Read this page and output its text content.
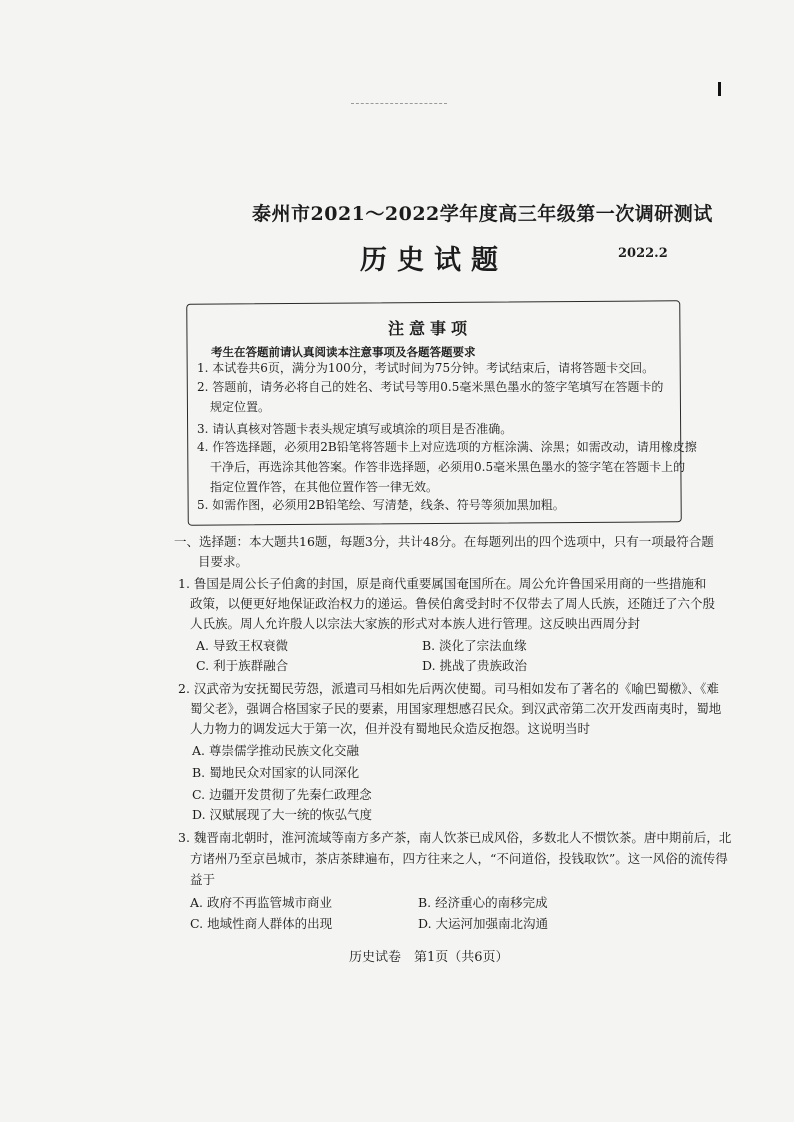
泰州市2021～2022学年度高三年级第一次调研测试
历史试题	2022.2
注意事项
考生在答题前请认真阅读本注意事项及各题答题要求
1. 本试卷共6页，满分为100分，考试时间为75分钟。考试结束后，请将答题卡交回。
2. 答题前，请务必将自己的姓名、考试号等用0.5毫米黑色墨水的签字笔填写在答题卡的
规定位置。
3. 请认真核对答题卡表头规定填写或填涂的项目是否准确。
4. 作答选择题，必须用2B铅笔将答题卡上对应选项的方框涂满、涂黑；如需改动，请用橡皮擦
干净后，再选涂其他答案。作答非选择题，必须用0.5毫米黑色墨水的签字笔在答题卡上的
指定位置作答，在其他位置作答一律无效。
5. 如需作图，必须用2B铅笔绘、写清楚，线条、符号等须加黑加粗。
一、选择题：本大题共16题，每题3分，共计48分。在每题列出的四个选项中，只有一项最符合题
目要求。
1. 鲁国是周公长子伯禽的封国，原是商代重要属国奄国所在。周公允许鲁国采用商的一些措施和
政策，以便更好地保证政治权力的递运。鲁侯伯禽受封时不仅带去了周人氏族，还随迁了六个殷
人氏族。周人允许殷人以宗法大家族的形式对本族人进行管理。这反映出西周分封
A. 导致王权衰微	B. 淡化了宗法血缘
C. 利于族群融合	D. 挑战了贵族政治
2. 汉武帝为安抚蜀民劳怨，派遣司马相如先后两次使蜀。司马相如发布了著名的《喻巴蜀檄》、《难
蜀父老》，强调合格国家子民的要素，用国家理想感召民众。到汉武帝第二次开发西南夷时，蜀地
人力物力的调发远大于第一次，但并没有蜀地民众造反抱怨。这说明当时
A. 尊崇儒学推动民族文化交融
B. 蜀地民众对国家的认同深化
C. 边疆开发贯彻了先秦仁政理念
D. 汉赋展现了大一统的恢弘气度
3. 魏晋南北朝时，淮河流域等南方多产茶，南人饮茶已成风俗，多数北人不惯饮茶。唐中期前后，北
方诸州乃至京邑城市，茶店茶肆遍布，四方往来之人，“不问道俗，投钱取饮”。这一风俗的流传得
益于
A. 政府不再监管城市商业	B. 经济重心的南移完成
C. 地域性商人群体的出现	D. 大运河加强南北沟通
历史试卷　第1页（共6页）
